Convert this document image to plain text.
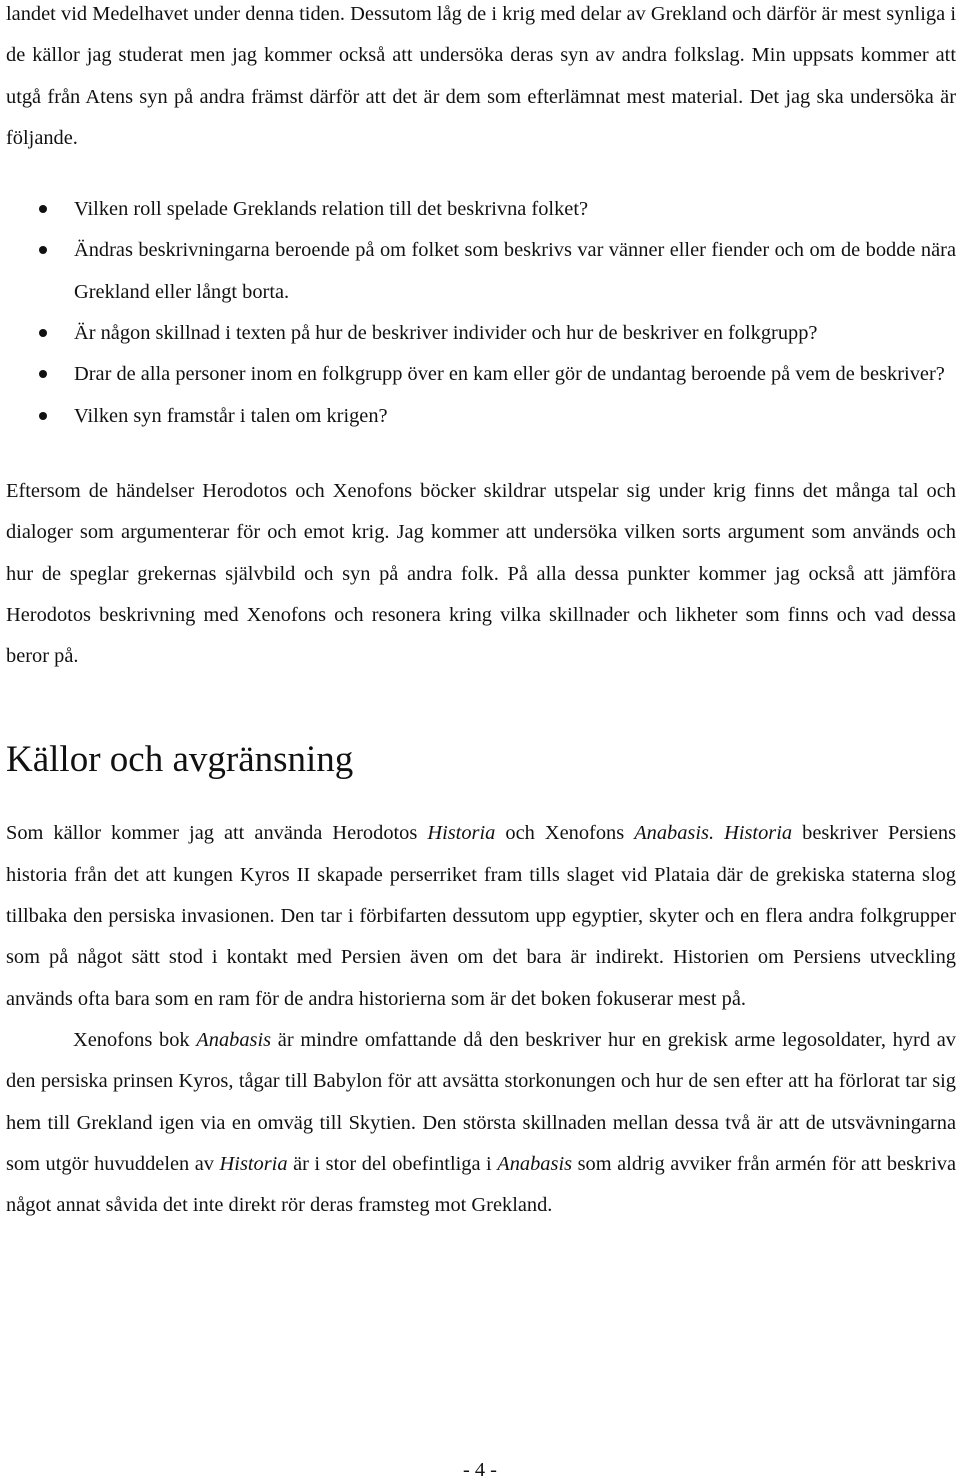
landet vid Medelhavet under denna tiden. Dessutom låg de i krig med delar av Grekland och därför är mest synliga i de källor jag studerat men jag kommer också att undersöka deras syn av andra folkslag. Min uppsats kommer att utgå från Atens syn på andra främst därför att det är dem som efterlämnat mest material. Det jag ska undersöka är följande.

Vilken roll spelade Greklands relation till det beskrivna folket?
Ändras beskrivningarna beroende på om folket som beskrivs var vänner eller fiender och om de bodde nära Grekland eller långt borta.
Är någon skillnad i texten på hur de beskriver individer och hur de beskriver en folkgrupp?
Drar de alla personer inom en folkgrupp över en kam eller gör de undantag beroende på vem de beskriver?
Vilken syn framstår i talen om krigen?

Eftersom de händelser Herodotos och Xenofons böcker skildrar utspelar sig under krig finns det många tal och dialoger som argumenterar för och emot krig. Jag kommer att undersöka vilken sorts argument som används och hur de speglar grekernas självbild och syn på andra folk. På alla dessa punkter kommer jag också att jämföra Herodotos beskrivning med Xenofons och resonera kring vilka skillnader och likheter som finns och vad dessa beror på.

Källor och avgränsning

Som källor kommer jag att använda Herodotos Historia och Xenofons Anabasis. Historia beskriver Persiens historia från det att kungen Kyros II skapade perserriket fram tills slaget vid Plataia där de grekiska staterna slog tillbaka den persiska invasionen. Den tar i förbifarten dessutom upp egyptier, skyter och en flera andra folkgrupper som på något sätt stod i kontakt med Persien även om det bara är indirekt. Historien om Persiens utveckling används ofta bara som en ram för de andra historierna som är det boken fokuserar mest på.

Xenofons bok Anabasis är mindre omfattande då den beskriver hur en grekisk arme legosoldater, hyrd av den persiska prinsen Kyros, tågar till Babylon för att avsätta storkonungen och hur de sen efter att ha förlorat tar sig hem till Grekland igen via en omväg till Skytien. Den största skillnaden mellan dessa två är att de utsvävningarna som utgör huvuddelen av Historia är i stor del obefintliga i Anabasis som aldrig avviker från armén för att beskriva något annat såvida det inte direkt rör deras framsteg mot Grekland.

- 4 -
